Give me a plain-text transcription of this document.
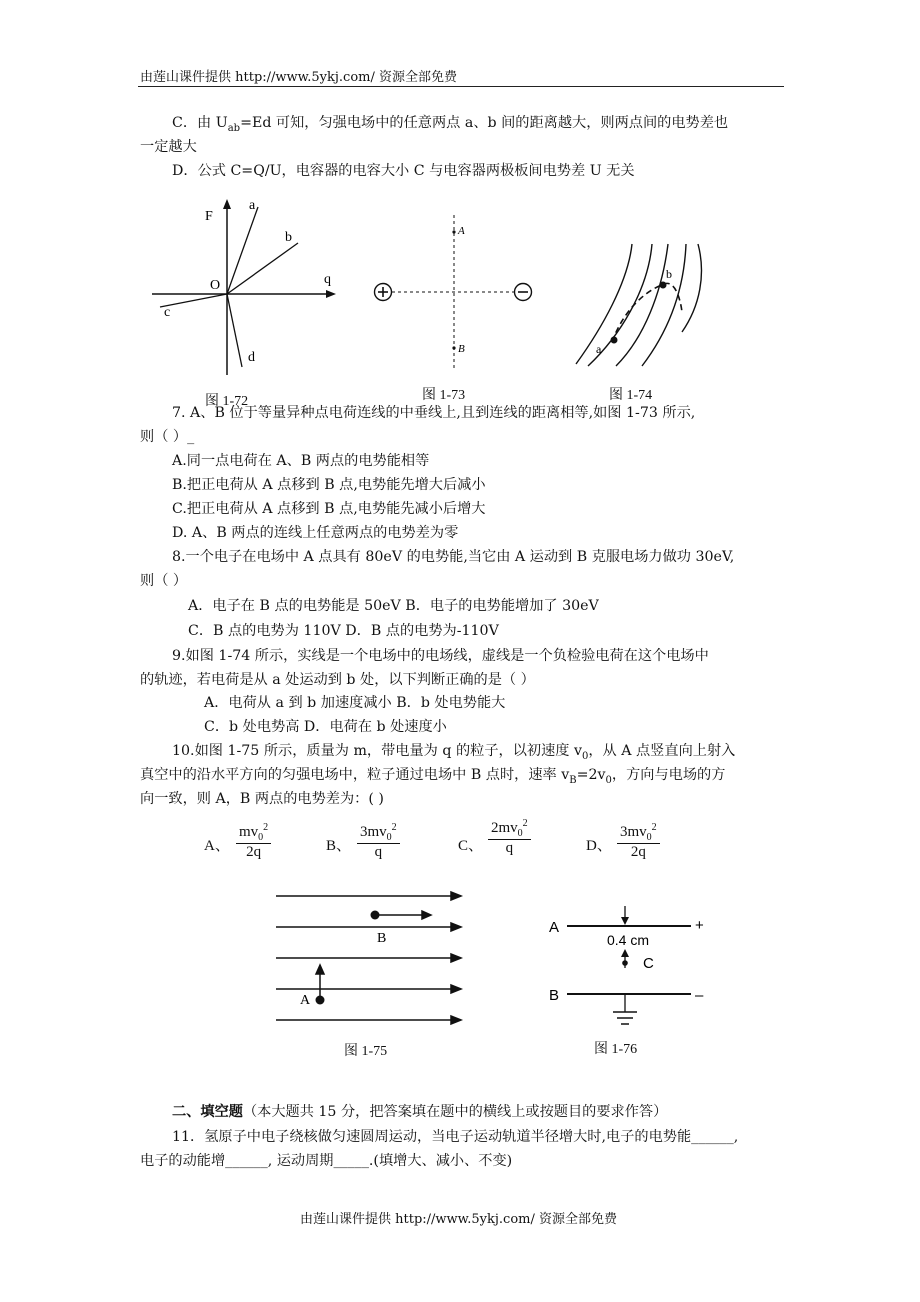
由莲山课件提供 http://www.5ykj.com/ 资源全部免费
C．由 $U_{ab}=Ed$ 可知，匀强电场中的任意两点 a、b 间的距离越大，则两点间的电势差也
一定越大
D．公式 C=Q/U，电容器的电容大小 C 与电容器两极板间电势差 U 无关
F
a
b
O	q
c
d
图 1-72
A
B
图 1-73
a
b
图 1-74
7. A、B 位于等量异种点电荷连线的中垂线上,且到连线的距离相等,如图 1-73 所示,
则（ ）_
A.同一点电荷在 A、B 两点的电势能相等
B.把正电荷从 A 点移到 B 点,电势能先增大后减小
C.把正电荷从 A 点移到 B 点,电势能先减小后增大
D. A、B 两点的连线上任意两点的电势差为零
8.一个电子在电场中 A 点具有 80eV 的电势能,当它由 A 运动到 B 克服电场力做功 30eV,
则（ ）
A．电子在 B 点的电势能是 50eV B．电子的电势能增加了 30eV
C．B 点的电势为 110V D．B 点的电势为-110V
9.如图 1-74 所示，实线是一个电场中的电场线，虚线是一个负检验电荷在这个电场中
的轨迹，若电荷是从 a 处运动到 b 处，以下判断正确的是（ ）
A．电荷从 a 到 b 加速度减小 B．b 处电势能大
C．b 处电势高 D．电荷在 b 处速度小
10.如图 1-75 所示，质量为 m，带电量为 q 的粒子，以初速度 $v_0$，从 A 点竖直向上射入
真空中的沿水平方向的匀强电场中，粒子通过电场中 B 点时，速率 $v_B=2v_0$，方向与电场的方
向一致，则 A，B 两点的电势差为：( )
A、 $\frac{mv_0^2}{2q}$	B、 $\frac{3mv_0^2}{q}$	C、 $\frac{2mv_0^2}{q}$	D、 $\frac{3mv_0^2}{2q}$
B
A
图 1-75
A
B
+
–
0.4 cm
C
图 1-76
二、填空题（本大题共 15 分，把答案填在题中的横线上或按题目的要求作答）
11．氢原子中电子绕核做匀速圆周运动，当电子运动轨道半径增大时,电子的电势能______,
电子的动能增______, 运动周期_____.(填增大、减小、不变)
由莲山课件提供 http://www.5ykj.com/ 资源全部免费
